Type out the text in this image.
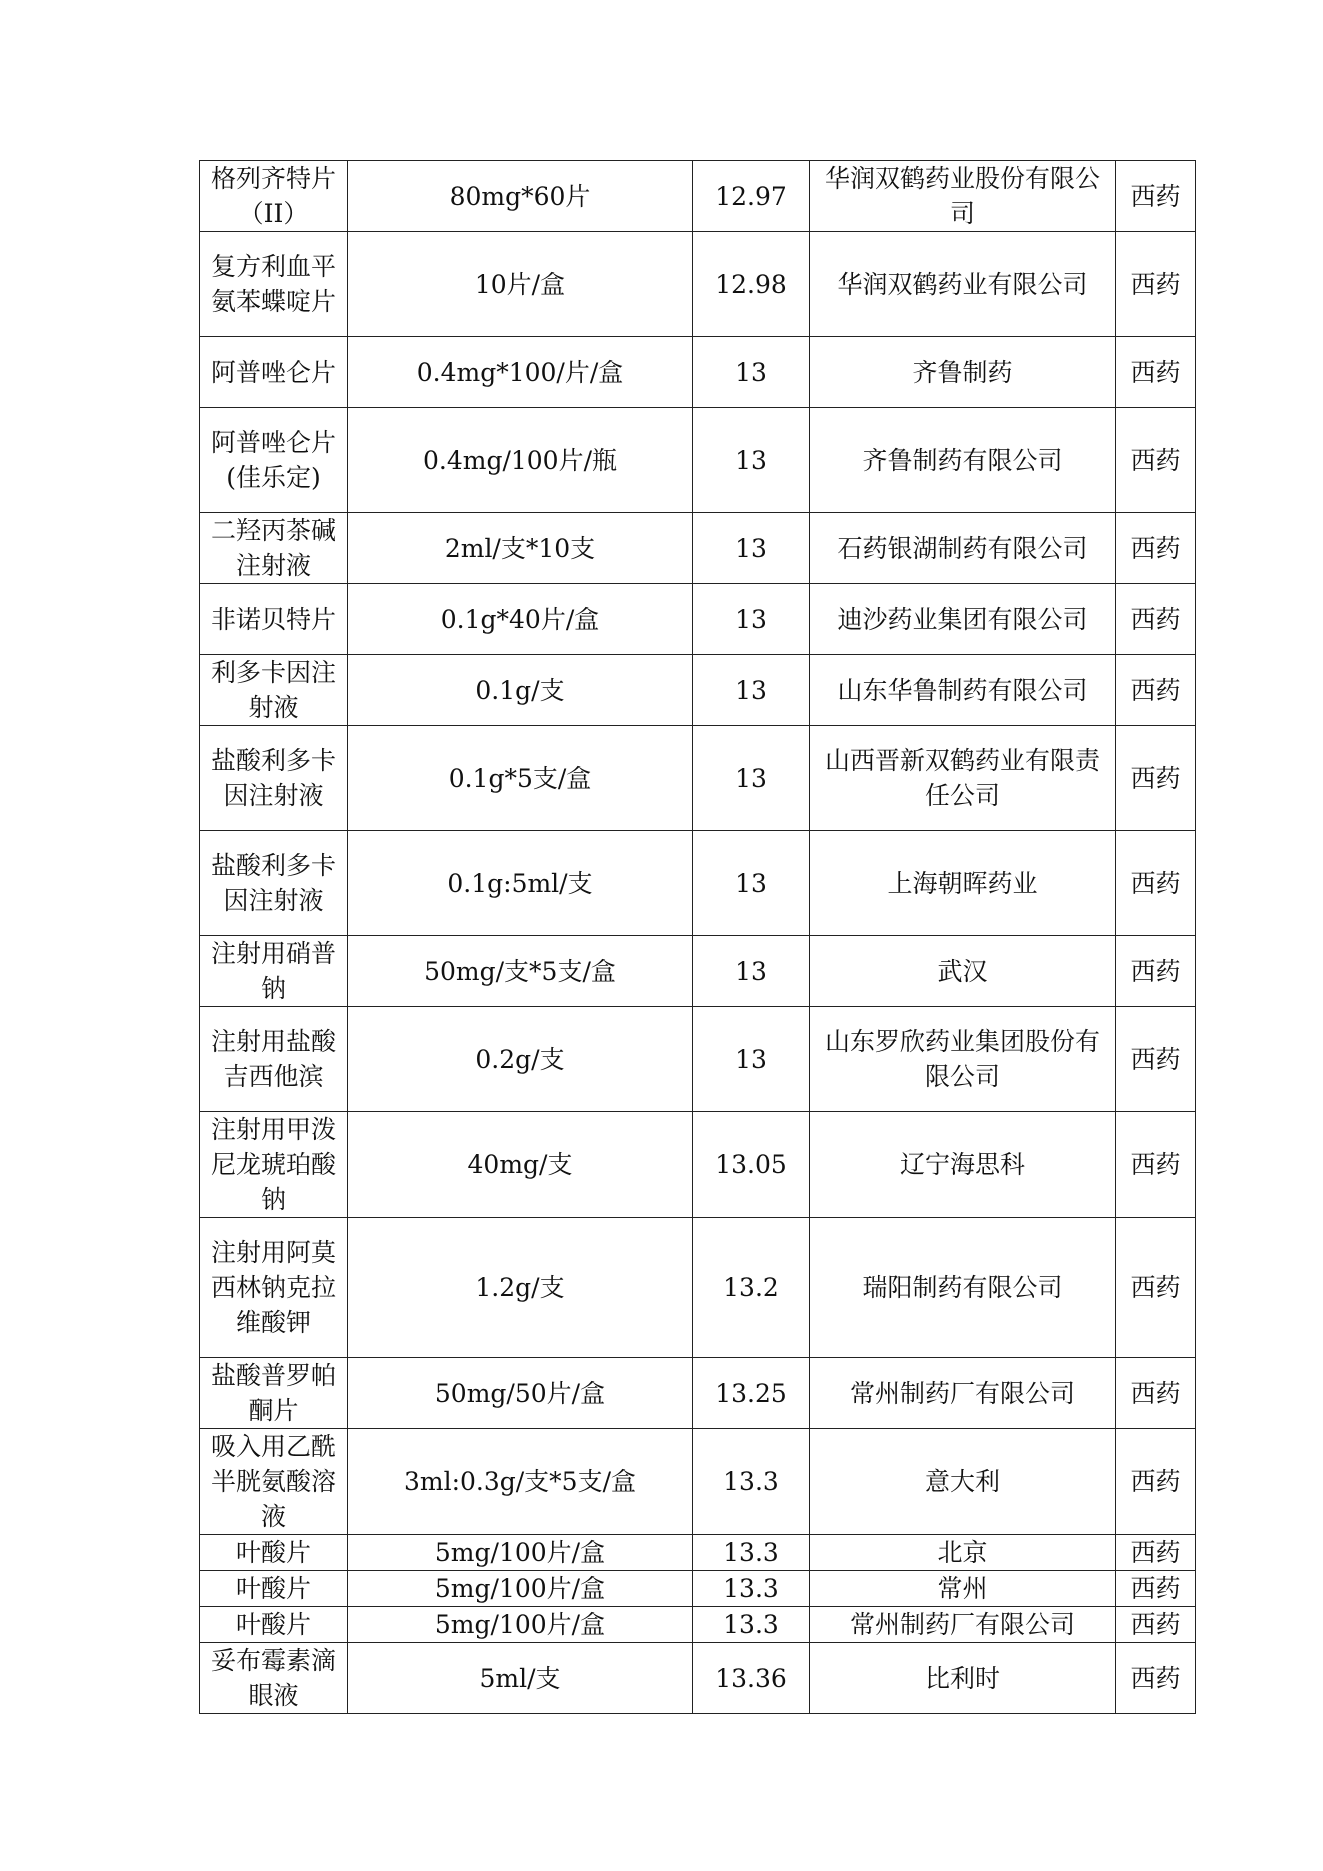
格列齐特片（II）	80mg*60片	12.97	华润双鹤药业股份有限公司	西药
复方利血平氨苯蝶啶片	10片/盒	12.98	华润双鹤药业有限公司	西药
阿普唑仑片	0.4mg*100/片/盒	13	齐鲁制药	西药
阿普唑仑片(佳乐定)	0.4mg/100片/瓶	13	齐鲁制药有限公司	西药
二羟丙茶碱注射液	2ml/支*10支	13	石药银湖制药有限公司	西药
非诺贝特片	0.1g*40片/盒	13	迪沙药业集团有限公司	西药
利多卡因注射液	0.1g/支	13	山东华鲁制药有限公司	西药
盐酸利多卡因注射液	0.1g*5支/盒	13	山西晋新双鹤药业有限责任公司	西药
盐酸利多卡因注射液	0.1g:5ml/支	13	上海朝晖药业	西药
注射用硝普钠	50mg/支*5支/盒	13	武汉	西药
注射用盐酸吉西他滨	0.2g/支	13	山东罗欣药业集团股份有限公司	西药
注射用甲泼尼龙琥珀酸钠	40mg/支	13.05	辽宁海思科	西药
注射用阿莫西林钠克拉维酸钾	1.2g/支	13.2	瑞阳制药有限公司	西药
盐酸普罗帕酮片	50mg/50片/盒	13.25	常州制药厂有限公司	西药
吸入用乙酰半胱氨酸溶液	3ml:0.3g/支*5支/盒	13.3	意大利	西药
叶酸片	5mg/100片/盒	13.3	北京	西药
叶酸片	5mg/100片/盒	13.3	常州	西药
叶酸片	5mg/100片/盒	13.3	常州制药厂有限公司	西药
妥布霉素滴眼液	5ml/支	13.36	比利时	西药
